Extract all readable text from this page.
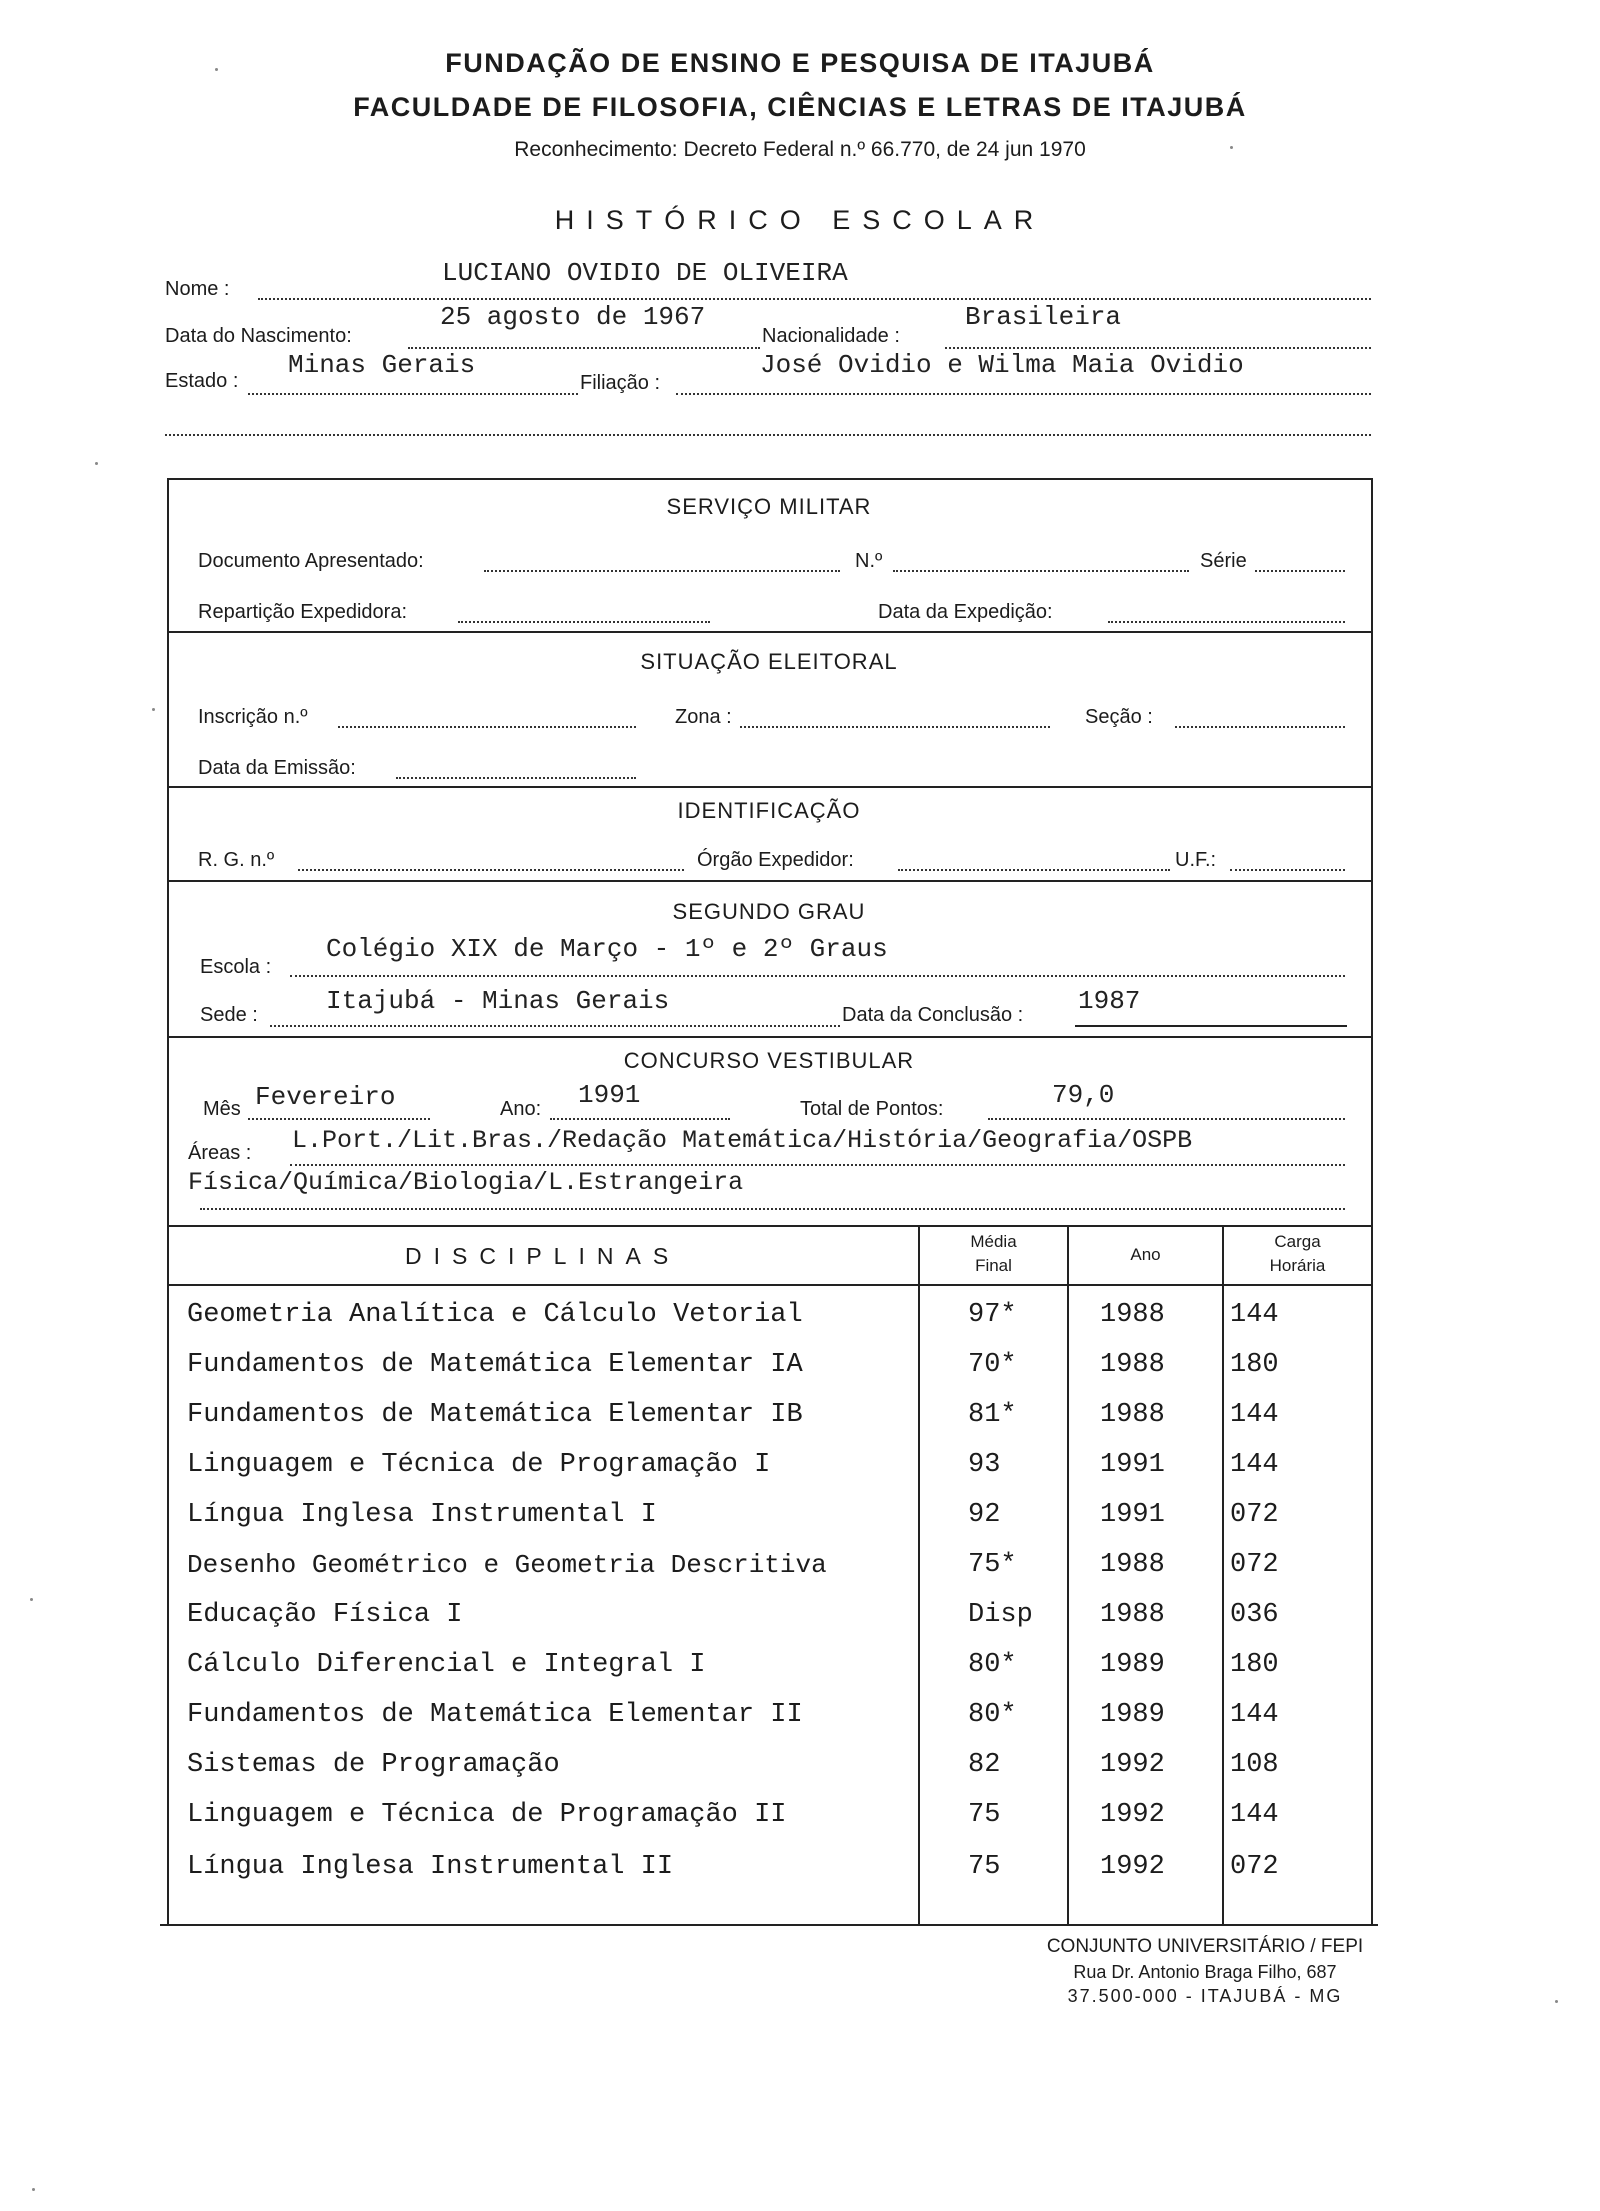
FUNDAÇÃO DE ENSINO E PESQUISA DE ITAJUBÁ
FACULDADE DE FILOSOFIA, CIÊNCIAS E LETRAS DE ITAJUBÁ
Reconhecimento: Decreto Federal n.º 66.770, de 24 jun 1970
HISTÓRICO ESCOLAR
Nome :
LUCIANO OVIDIO DE OLIVEIRA
Data do Nascimento:
25 agosto de 1967
Nacionalidade :
Brasileira
Estado :
Minas Gerais
Filiação :
José Ovidio e Wilma Maia Ovidio
SERVIÇO MILITAR
Documento Apresentado:	N.º	Série
Repartição Expedidora:	Data da Expedição:
SITUAÇÃO ELEITORAL
Inscrição n.º	Zona :	Seção :
Data da Emissão:
IDENTIFICAÇÃO
R. G. n.º	Órgão Expedidor:	U.F.:
SEGUNDO GRAU
Escola :
Colégio XIX de Março - 1º e 2º Graus
Sede :	Itajubá - Minas Gerais	Data da Conclusão : 1987
CONCURSO VESTIBULAR
Mês Fevereiro	Ano: 1991	Total de Pontos:	79,0
Áreas : L.Port./Lit.Bras./Redação Matemática/História/Geografia/OSPB
Física/Química/Biologia/L.Estrangeira
DISCIPLINAS
Média
Final
Ano
Carga
Horária
Geometria Analítica e Cálculo Vetorial	97*	1988 144
Fundamentos de Matemática Elementar IA	70*	1988 180
Fundamentos de Matemática Elementar IB	81*	1988 144
Linguagem e Técnica de Programação I	93	1991 144
Língua Inglesa Instrumental I	92	1991 072
Desenho Geométrico e Geometria Descritiva	75*	1988 072
Educação Física I	Disp 1988 036
Cálculo Diferencial e Integral I	80*	1989 180
Fundamentos de Matemática Elementar II	80*	1989 144
Sistemas de Programação	82	1992 108
Linguagem e Técnica de Programação II	75	1992 144
Língua Inglesa Instrumental II	75	1992 072
CONJUNTO UNIVERSITÁRIO / FEPI
Rua Dr. Antonio Braga Filho, 687
37.500-000 - ITAJUBÁ - MG
